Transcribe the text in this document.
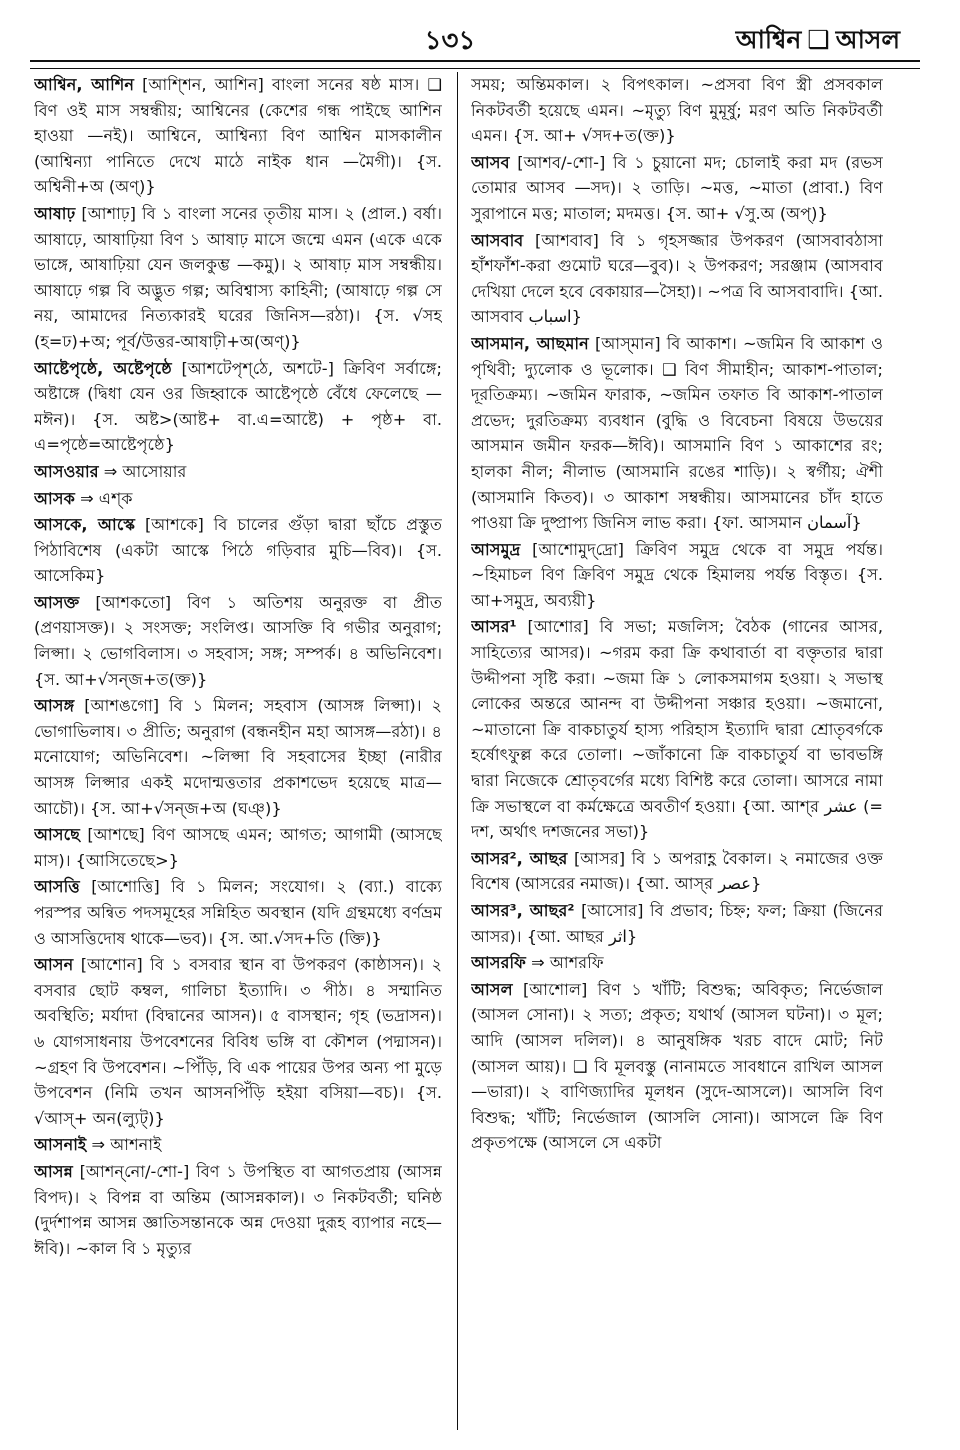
১৩১	আশ্বিন ❑ আসল

আশ্বিন, আশিন [আশ্শিন, আশিন] বাংলা সনের ষষ্ঠ মাস। ❑ বিণ ওই মাস সম্বন্ধীয়; আশ্বিনের (কেশের গন্ধ পাইছে আশিন হাওয়া —নই)। আশ্বিনে, আশ্বিন্যা বিণ আশ্বিন মাসকালীন (আশ্বিন্যা পানিতে দেখে মাঠে নাইক ধান —মৈগী)। {স. অশ্বিনী+অ (অণ্)}

আষাঢ় [আশাঢ়] বি ১ বাংলা সনের তৃতীয় মাস। ২ (প্রাল.) বর্ষা। আষাঢ়ে, আষাঢ়িয়া বিণ ১ আষাঢ় মাসে জন্মে এমন (একে একে ভাঙ্গে, আষাঢ়িয়া যেন জলকুম্ভ —কমু)। ২ আষাঢ় মাস সম্বন্ধীয়। আষাঢ়ে গল্প বি অদ্ভুত গল্প; অবিশ্বাস্য কাহিনী; (আষাঢ়ে গল্প সে নয়, আমাদের নিত্যকারই ঘরের জিনিস—রঠা)। {স. √সহ (হ=ঢ)+অ; পূর্ব/উত্তর-আষাঢ়ী+অ(অণ্)}

আষ্টেপৃষ্ঠে, অষ্টেপৃষ্ঠে [আশটেপৃশ্‌ঠে, অশটে-] ক্রিবিণ সর্বাঙ্গে; অষ্টাঙ্গে (দ্বিধা যেন ওর জিহ্বাকে আষ্টেপৃষ্ঠে বেঁধে ফেলেছে —মঈন)। {স. অষ্ট>(আষ্ট+ বা.এ=আষ্টে) + পৃষ্ঠ+ বা. এ=পৃষ্ঠে=আষ্টেপৃষ্ঠে}

আসওয়ার ⇒ আসোয়ার

আসক ⇒ এশ্‌ক

আসকে, আস্কে [আশকে] বি চালের গুঁড়া দ্বারা ছাঁচে প্রস্তুত পিঠাবিশেষ (একটা আস্কে পিঠে গড়িবার মুচি—বিব)। {স. আসেকিম}

আসক্ত [আশকতো] বিণ ১ অতিশয় অনুরক্ত বা প্রীত (প্রণয়াসক্ত)। ২ সংসক্ত; সংলিপ্ত। আসক্তি বি গভীর অনুরাগ; লিপ্সা। ২ ভোগবিলাস। ৩ সহবাস; সঙ্গ; সম্পর্ক। ৪ অভিনিবেশ। {স. আ+√সন্‌জ+ত(ক্ত)}

আসঙ্গ [আশঙগো] বি ১ মিলন; সহবাস (আসঙ্গ লিপ্সা)। ২ ভোগাভিলাষ। ৩ প্রীতি; অনুরাগ (বন্ধনহীন মহা আসঙ্গ—রঠা)। ৪ মনোযোগ; অভিনিবেশ। ~লিপ্সা বি সহবাসের ইচ্ছা (নারীর আসঙ্গ লিপ্সার একই মদোন্মত্ততার প্রকাশভেদ হয়েছে মাত্র—আচৌ)। {স. আ+√সন্‌জ+অ (ঘঞ্)}

আসছে [আশছে] বিণ আসছে এমন; আগত; আগামী (আসছে মাস)। {আসিতেছে>}

আসত্তি [আশোত্তি] বি ১ মিলন; সংযোগ। ২ (ব্যা.) বাক্যে পরস্পর অন্বিত পদসমূহের সন্নিহিত অবস্থান (যদি গ্রন্থমধ্যে বর্ণভ্রম ও আসত্তিদোষ থাকে—ভব)। {স. আ.√সদ+তি (ক্তি)}

আসন [আশোন] বি ১ বসবার স্থান বা উপকরণ (কাষ্ঠাসন)। ২ বসবার ছোট কম্বল, গালিচা ইত্যাদি। ৩ পীঠ। ৪ সম্মানিত অবস্থিতি; মর্যাদা (বিদ্বানের আসন)। ৫ বাসস্থান; গৃহ (ভদ্রাসন)। ৬ যোগসাধনায় উপবেশনের বিবিধ ভঙ্গি বা কৌশল (পদ্মাসন)। ~গ্রহণ বি উপবেশন। ~পিঁড়ি, বি এক পায়ের উপর অন্য পা মুড়ে উপবেশন (নিমি তখন আসনপিঁড়ি হইয়া বসিয়া—বচ)। {স. √আস্‌+ অন(ল্যুট্)}

আসনাই ⇒ আশনাই

আসন্ন [আশন্‌নো/-শো-] বিণ ১ উপস্থিত বা আগতপ্রায় (আসন্ন বিপদ)। ২ বিপন্ন বা অন্তিম (আসন্নকাল)। ৩ নিকটবর্তী; ঘনিষ্ঠ (দুর্দশাপন্ন আসন্ন জ্ঞাতিসন্তানকে অন্ন দেওয়া দুরূহ ব্যাপার নহে—ঈবি)। ~কাল বি ১ মৃত্যুর

সময়; অন্তিমকাল। ২ বিপৎকাল। ~প্রসবা বিণ স্ত্রী প্রসবকাল নিকটবর্তী হয়েছে এমন। ~মৃত্যু বিণ মুমূর্ষু; মরণ অতি নিকটবর্তী এমন। {স. আ+ √সদ+ত(ক্ত)}

আসব [আশব/-শো-] বি ১ চুয়ানো মদ; চোলাই করা মদ (রভস তোমার আসব —সদ)। ২ তাড়ি। ~মত্ত, ~মাতা (প্রাবা.) বিণ সুরাপানে মত্ত; মাতাল; মদমত্ত। {স. আ+ √সু.অ (অপ্)}

আসবাব [আশবাব] বি ১ গৃহসজ্জার উপকরণ (আসবাবঠাসা হাঁশফাঁশ-করা গুমোট ঘরে—বুব)। ২ উপকরণ; সরঞ্জাম (আসবাব দেখিয়া দেলে হবে বেকায়ার—সৈহা)। ~পত্র বি আসবাবাদি। {আ. আসবাব اسباب}

আসমান, আছমান [আস্‌মান] বি আকাশ। ~জমিন বি আকাশ ও পৃথিবী; দ্যুলোক ও ভূলোক। ❑ বিণ সীমাহীন; আকাশ-পাতাল; দূরতিক্রম্য। ~জমিন ফারাক, ~জমিন তফাত বি আকাশ-পাতাল প্রভেদ; দুরতিক্রম্য ব্যবধান (বুদ্ধি ও বিবেচনা বিষয়ে উভয়ের আসমান জমীন ফরক—ঈবি)। আসমানি বিণ ১ আকাশের রং; হালকা নীল; নীলাভ (আসমানি রঙের শাড়ি)। ২ স্বর্গীয়; ঐশী (আসমানি কিতব)। ৩ আকাশ সম্বন্ধীয়। আসমানের চাঁদ হাতে পাওয়া ক্রি দুষ্প্রাপ্য জিনিস লাভ করা। {ফা. আসমান آسمان}

আসমুদ্র [আশোমুদ্‌দ্রো] ক্রিবিণ সমুদ্র থেকে বা সমুদ্র পর্যন্ত। ~হিমাচল বিণ ক্রিবিণ সমুদ্র থেকে হিমালয় পর্যন্ত বিস্তৃত। {স. আ+সমুদ্র, অব্যয়ী}

আসর¹ [আশোর] বি সভা; মজলিস; বৈঠক (গানের আসর, সাহিত্যের আসর)। ~গরম করা ক্রি কথাবার্তা বা বক্তৃতার দ্বারা উদ্দীপনা সৃষ্টি করা। ~জমা ক্রি ১ লোকসমাগম হওয়া। ২ সভাস্থ লোকের অন্তরে আনন্দ বা উদ্দীপনা সঞ্চার হওয়া। ~জমানো, ~মাতানো ক্রি বাকচাতুর্য হাস্য পরিহাস ইত্যাদি দ্বারা শ্রোতৃবর্গকে হর্ষোৎফুল্ল করে তোলা। ~জাঁকানো ক্রি বাকচাতুর্য বা ভাবভঙ্গি দ্বারা নিজেকে শ্রোতৃবর্গের মধ্যে বিশিষ্ট করে তোলা। আসরে নামা ক্রি সভাস্থলে বা কর্মক্ষেত্রে অবতীর্ণ হওয়া। {আ. আশ্‌র عشر (= দশ, অর্থাৎ দশজনের সভা)}

আসর², আছর [আসর] বি ১ অপরাহ্ণ বৈকাল। ২ নমাজের ওক্ত বিশেষ (আসরের নমাজ)। {আ. আস্‌র عصر}

আসর³, আছর² [আসোর] বি প্রভাব; চিহ্ন; ফল; ক্রিয়া (জিনের আসর)। {আ. আছর اثر}

আসরফি ⇒ আশরফি

আসল [আশোল] বিণ ১ খাঁটি; বিশুদ্ধ; অবিকৃত; নির্ভেজাল (আসল সোনা)। ২ সত্য; প্রকৃত; যথার্থ (আসল ঘটনা)। ৩ মূল; আদি (আসল দলিল)। ৪ আনুষঙ্গিক খরচ বাদে মোট; নিট (আসল আয়)। ❑ বি মূলবস্তু (নানামতে সাবধানে রাখিল আসল—ভারা)। ২ বাণিজ্যাদির মূলধন (সুদে-আসলে)। আসলি বিণ বিশুদ্ধ; খাঁটি; নির্ভেজাল (আসলি সোনা)। আসলে ক্রি বিণ প্রকৃতপক্ষে (আসলে সে একটা
